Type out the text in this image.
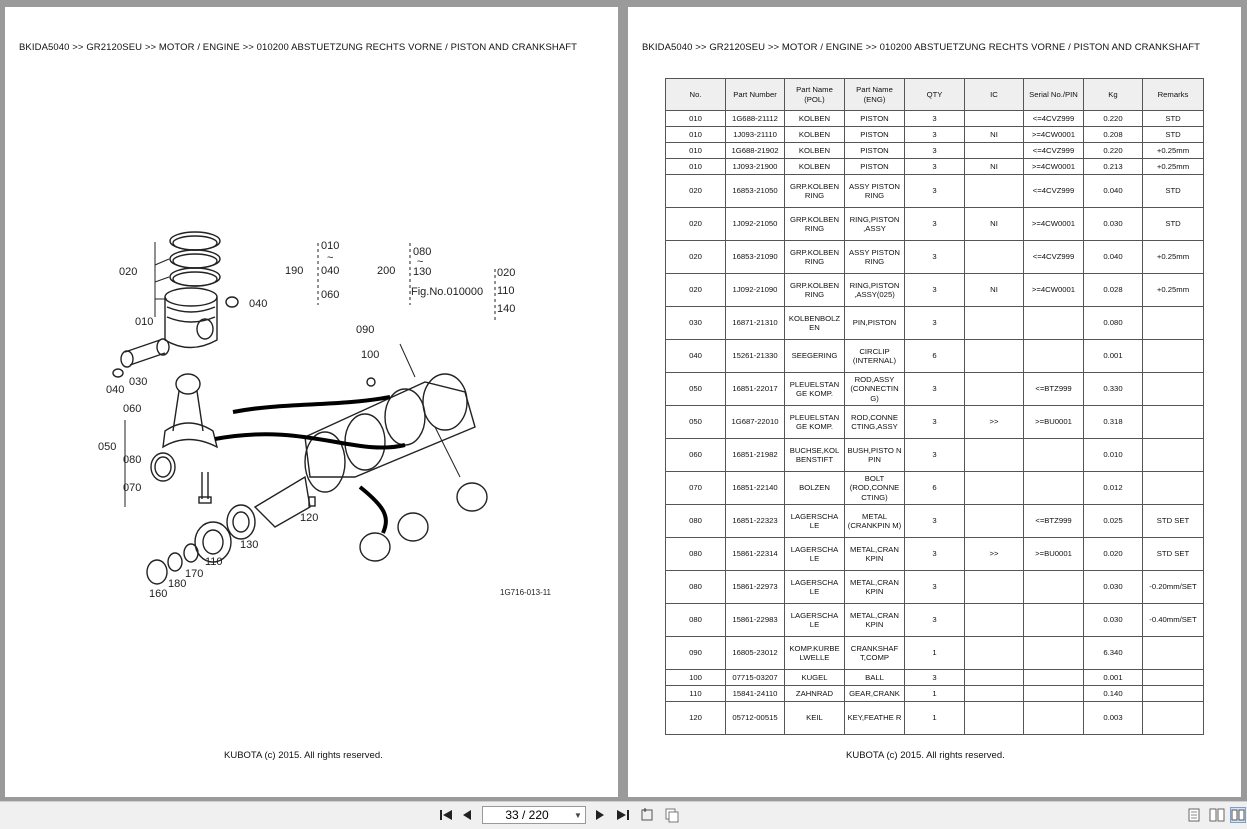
BKIDA5040 >> GR2120SEU >> MOTOR / ENGINE >> 010200 ABSTUETZUNG RECHTS VORNE / PISTON AND CRANKSHAFT
020
040
010
030
040
060
050
080
070
090
100
120
130
110
170
180
160
190
010
~
040
060
200
080
~
130
Fig.No.010000
020
110
140
1G716-013-11
KUBOTA (c) 2015. All rights reserved.
BKIDA5040 >> GR2120SEU >> MOTOR / ENGINE >> 010200 ABSTUETZUNG RECHTS VORNE / PISTON AND CRANKSHAFT
No.	Part Number	Part Name (POL)	Part Name (ENG)	QTY	IC	Serial No./PIN	Kg	Remarks
010	1G688-21112	KOLBEN	PISTON	3		<=4CVZ999	0.220	STD
010	1J093-21110	KOLBEN	PISTON	3	NI	>=4CW0001	0.208	STD
010	1G688-21902	KOLBEN	PISTON	3		<=4CVZ999	0.220	+0.25mm
010	1J093-21900	KOLBEN	PISTON	3	NI	>=4CW0001	0.213	+0.25mm
020	16853-21050	GRP.KOLBEN RING	ASSY PISTON RING	3		<=4CVZ999	0.040	STD
020	1J092-21050	GRP.KOLBEN RING	RING,PISTON ,ASSY	3	NI	>=4CW0001	0.030	STD
020	16853-21090	GRP.KOLBEN RING	ASSY PISTON RING	3		<=4CVZ999	0.040	+0.25mm
020	1J092-21090	GRP.KOLBEN RING	RING,PISTON ,ASSY(025)	3	NI	>=4CW0001	0.028	+0.25mm
030	16871-21310	KOLBENBOLZ EN	PIN,PISTON	3			0.080	
040	15261-21330	SEEGERING	CIRCLIP (INTERNAL)	6			0.001	
050	16851-22017	PLEUELSTAN GE KOMP.	ROD,ASSY (CONNECTIN G)	3		<=BTZ999	0.330	
050	1G687-22010	PLEUELSTAN GE KOMP.	ROD,CONNE CTING,ASSY	3	>>	>=BU0001	0.318	
060	16851-21982	BUCHSE,KOL BENSTIFT	BUSH,PISTO N PIN	3			0.010	
070	16851-22140	BOLZEN	BOLT (ROD,CONNE CTING)	6			0.012	
080	16851-22323	LAGERSCHA LE	METAL (CRANKPIN M)	3		<=BTZ999	0.025	STD SET
080	15861-22314	LAGERSCHA LE	METAL,CRAN KPIN	3	>>	>=BU0001	0.020	STD SET
080	15861-22973	LAGERSCHA LE	METAL,CRAN KPIN	3			0.030	-0.20mm/SET
080	15861-22983	LAGERSCHA LE	METAL,CRAN KPIN	3			0.030	-0.40mm/SET
090	16805-23012	KOMP.KURBE LWELLE	CRANKSHAF T,COMP	1			6.340	
100	07715-03207	KUGEL	BALL	3			0.001	
110	15841-24110	ZAHNRAD	GEAR,CRANK	1			0.140	
120	05712-00515	KEIL	KEY,FEATHE R	1			0.003	
KUBOTA (c) 2015. All rights reserved.
33 / 220	▼
